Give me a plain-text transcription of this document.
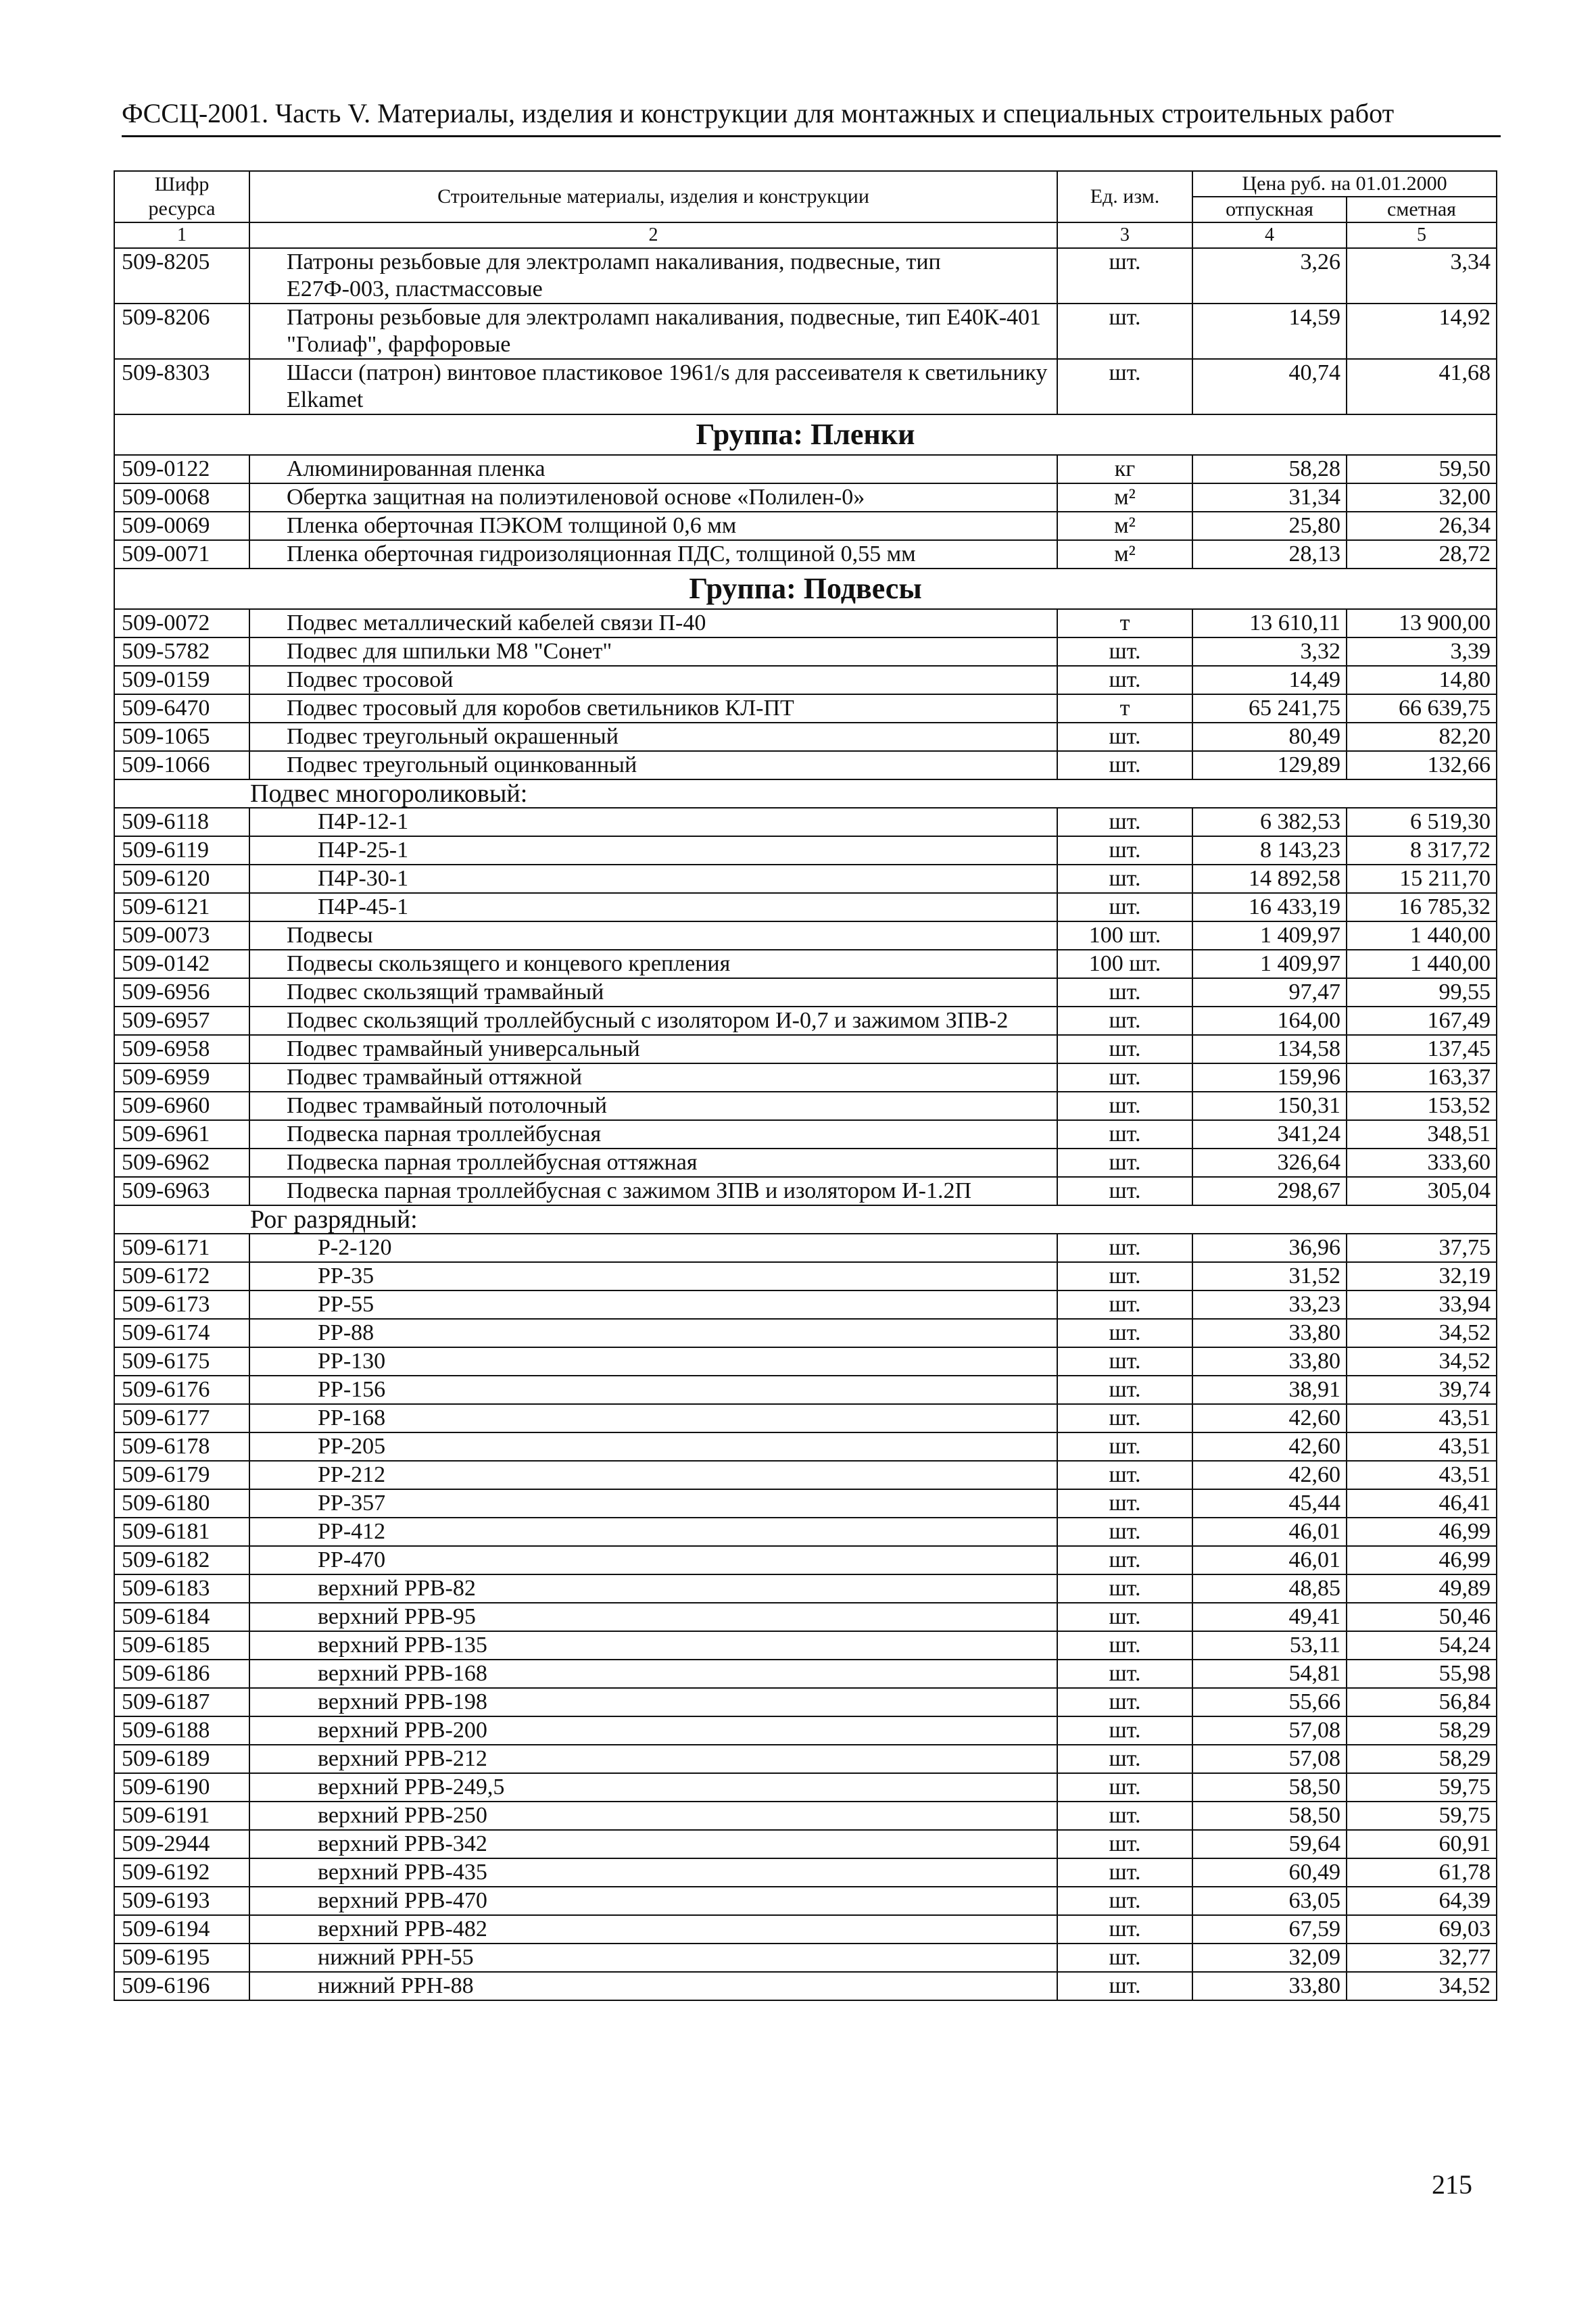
ФССЦ-2001. Часть V. Материалы, изделия и конструкции для монтажных и специальных строительных работ
Шифр ресурса	Строительные материалы, изделия и конструкции	Ед. изм.	Цена руб. на 01.01.2000	
			отпускная	сметная
1	2	3	4	5
509-8205	Патроны резьбовые для электроламп накаливания, подвесные, тип Е27Ф-003, пластмассовые	шт.	3,26	3,34
509-8206	Патроны резьбовые для электроламп накаливания, подвесные, тип Е40К-401 "Голиаф", фарфоровые	шт.	14,59	14,92
509-8303	Шасси (патрон) винтовое пластиковое 1961/s для рассеивателя к светильнику Elkamet	шт.	40,74	41,68
Группа: Пленки				
509-0122	Алюминированная пленка	кг	58,28	59,50
509-0068	Обертка защитная на полиэтиленовой основе «Полилен-0»	м²	31,34	32,00
509-0069	Пленка оберточная ПЭКОМ толщиной 0,6 мм	м²	25,80	26,34
509-0071	Пленка оберточная гидроизоляционная ПДС, толщиной 0,55 мм	м²	28,13	28,72
Группа: Подвесы				
509-0072	Подвес металлический кабелей связи П-40	т	13 610,11	13 900,00
509-5782	Подвес для шпильки М8 "Сонет"	шт.	3,32	3,39
509-0159	Подвес тросовой	шт.	14,49	14,80
509-6470	Подвес тросовый для коробов светильников КЛ-ПТ	т	65 241,75	66 639,75
509-1065	Подвес треугольный окрашенный	шт.	80,49	82,20
509-1066	Подвес треугольный оцинкованный	шт.	129,89	132,66
Подвес многороликовый:				
509-6118	П4Р-12-1	шт.	6 382,53	6 519,30
509-6119	П4Р-25-1	шт.	8 143,23	8 317,72
509-6120	П4Р-30-1	шт.	14 892,58	15 211,70
509-6121	П4Р-45-1	шт.	16 433,19	16 785,32
509-0073	Подвесы	100 шт.	1 409,97	1 440,00
509-0142	Подвесы скользящего и концевого крепления	100 шт.	1 409,97	1 440,00
509-6956	Подвес скользящий трамвайный	шт.	97,47	99,55
509-6957	Подвес скользящий троллейбусный с изолятором И-0,7 и зажимом ЗПВ-2	шт.	164,00	167,49
509-6958	Подвес трамвайный универсальный	шт.	134,58	137,45
509-6959	Подвес трамвайный оттяжной	шт.	159,96	163,37
509-6960	Подвес трамвайный потолочный	шт.	150,31	153,52
509-6961	Подвеска парная троллейбусная	шт.	341,24	348,51
509-6962	Подвеска парная троллейбусная оттяжная	шт.	326,64	333,60
509-6963	Подвеска парная троллейбусная с зажимом ЗПВ и изолятором И-1.2П	шт.	298,67	305,04
Рог разрядный:				
509-6171	Р-2-120	шт.	36,96	37,75
509-6172	РР-35	шт.	31,52	32,19
509-6173	РР-55	шт.	33,23	33,94
509-6174	РР-88	шт.	33,80	34,52
509-6175	РР-130	шт.	33,80	34,52
509-6176	РР-156	шт.	38,91	39,74
509-6177	РР-168	шт.	42,60	43,51
509-6178	РР-205	шт.	42,60	43,51
509-6179	РР-212	шт.	42,60	43,51
509-6180	РР-357	шт.	45,44	46,41
509-6181	РР-412	шт.	46,01	46,99
509-6182	РР-470	шт.	46,01	46,99
509-6183	верхний РРВ-82	шт.	48,85	49,89
509-6184	верхний РРВ-95	шт.	49,41	50,46
509-6185	верхний РРВ-135	шт.	53,11	54,24
509-6186	верхний РРВ-168	шт.	54,81	55,98
509-6187	верхний РРВ-198	шт.	55,66	56,84
509-6188	верхний РРВ-200	шт.	57,08	58,29
509-6189	верхний РРВ-212	шт.	57,08	58,29
509-6190	верхний РРВ-249,5	шт.	58,50	59,75
509-6191	верхний РРВ-250	шт.	58,50	59,75
509-2944	верхний РРВ-342	шт.	59,64	60,91
509-6192	верхний РРВ-435	шт.	60,49	61,78
509-6193	верхний РРВ-470	шт.	63,05	64,39
509-6194	верхний РРВ-482	шт.	67,59	69,03
509-6195	нижний РРН-55	шт.	32,09	32,77
509-6196	нижний РРН-88	шт.	33,80	34,52
215
